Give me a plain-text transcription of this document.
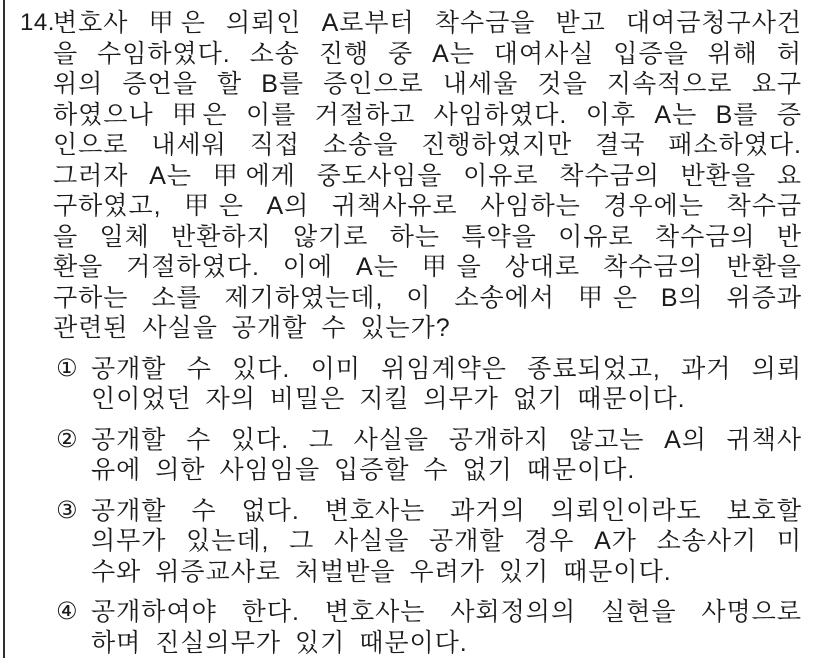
14.
변호사 甲은 의뢰인 A로부터 착수금을 받고 대여금청구사건
을 수임하였다. 소송 진행 중 A는 대여사실 입증을 위해 허
위의 증언을 할 B를 증인으로 내세울 것을 지속적으로 요구
하였으나 甲은 이를 거절하고 사임하였다. 이후 A는 B를 증
인으로 내세워 직접 소송을 진행하였지만 결국 패소하였다.
그러자 A는 甲에게 중도사임을 이유로 착수금의 반환을 요
구하였고, 甲은 A의 귀책사유로 사임하는 경우에는 착수금
을 일체 반환하지 않기로 하는 특약을 이유로 착수금의 반
환을 거절하였다. 이에 A는 甲을 상대로 착수금의 반환을
구하는 소를 제기하였는데, 이 소송에서 甲은 B의 위증과
관련된 사실을 공개할 수 있는가?
① 공개할 수 있다. 이미 위임계약은 종료되었고, 과거 의뢰
인이었던 자의 비밀은 지킬 의무가 없기 때문이다.
② 공개할 수 있다. 그 사실을 공개하지 않고는 A의 귀책사
유에 의한 사임임을 입증할 수 없기 때문이다.
③ 공개할 수 없다. 변호사는 과거의 의뢰인이라도 보호할
의무가 있는데, 그 사실을 공개할 경우 A가 소송사기 미
수와 위증교사로 처벌받을 우려가 있기 때문이다.
④ 공개하여야 한다. 변호사는 사회정의의 실현을 사명으로
하며 진실의무가 있기 때문이다.
